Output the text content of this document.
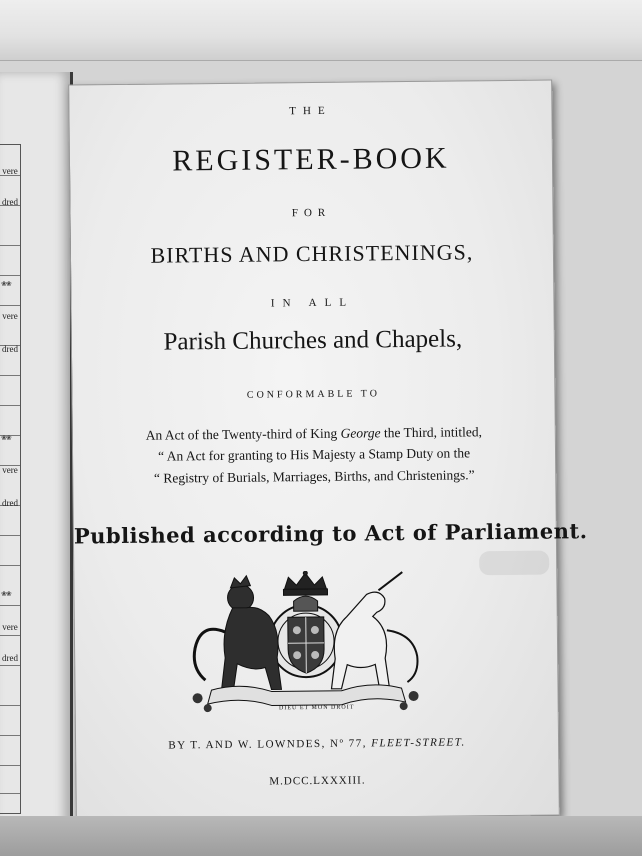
vere
dred
❀❀
vere
dred
❀❀
vere
dred
❀❀
vere
dred
THE
REGISTER-BOOK
FOR
BIRTHS AND CHRISTENINGS,
IN ALL
Parish Churches and Chapels,
CONFORMABLE TO
An Act of the Twenty-third of King George the Third, intitled,
“ An Act for granting to His Majesty a Stamp Duty on the
“ Registry of Burials, Marriages, Births, and Christenings.”
Published according to Act of Parliament.
DIEU ET MON DROIT
BY T. AND W. LOWNDES, Nº 77, FLEET-STREET.
M.DCC.LXXXIII.
